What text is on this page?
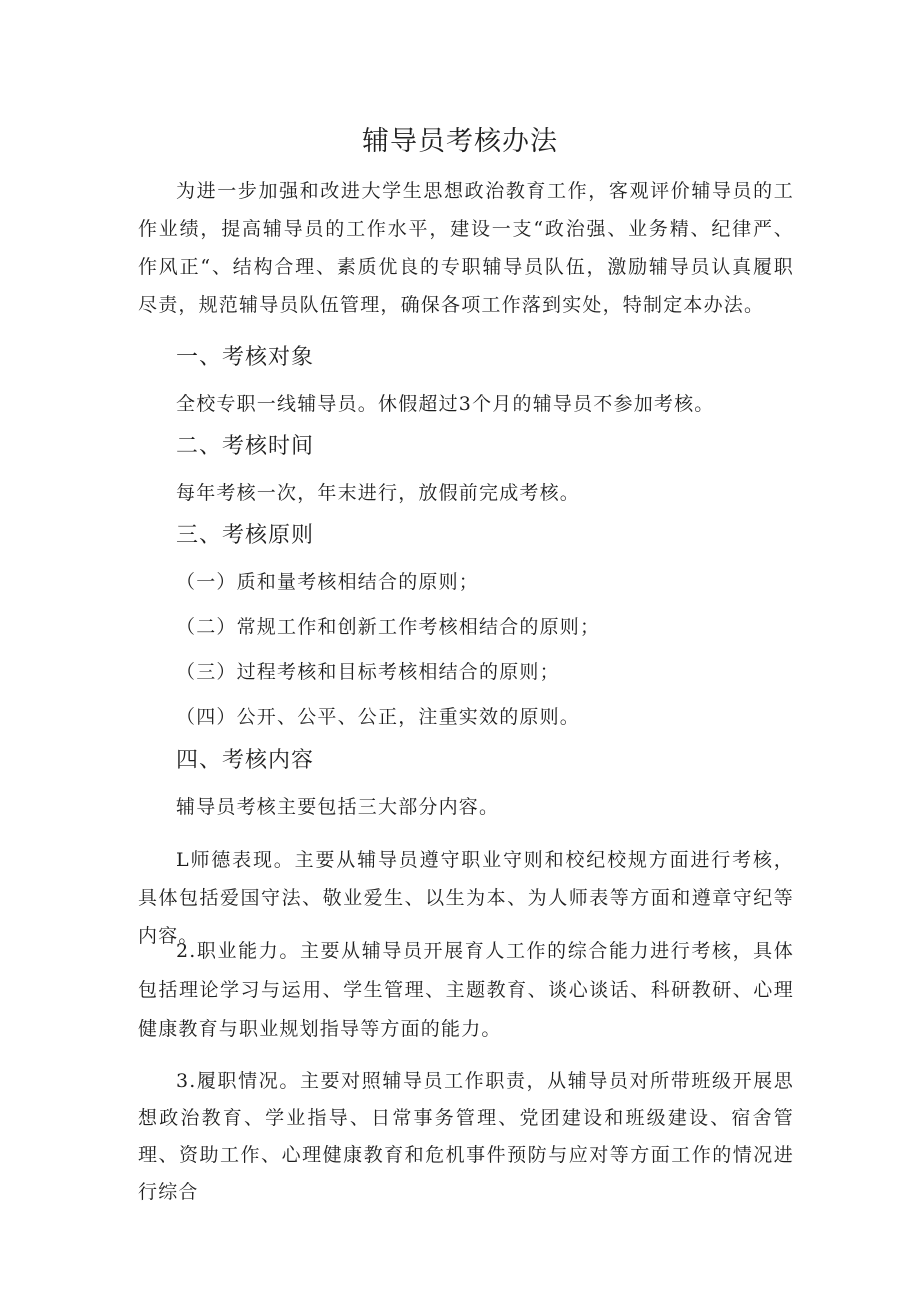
辅导员考核办法

为进一步加强和改进大学生思想政治教育工作，客观评价辅导员的工作业绩，提高辅导员的工作水平，建设一支“政治强、业务精、纪律严、作风正“、结构合理、素质优良的专职辅导员队伍，激励辅导员认真履职尽责，规范辅导员队伍管理，确保各项工作落到实处，特制定本办法。

一、考核对象

全校专职一线辅导员。休假超过3个月的辅导员不参加考核。

二、考核时间

每年考核一次，年末进行，放假前完成考核。

三、考核原则

（一）质和量考核相结合的原则；

（二）常规工作和创新工作考核相结合的原则；

（三）过程考核和目标考核相结合的原则；

（四）公开、公平、公正，注重实效的原则。

四、考核内容

辅导员考核主要包括三大部分内容。

L师德表现。主要从辅导员遵守职业守则和校纪校规方面进行考核，具体包括爱国守法、敬业爱生、以生为本、为人师表等方面和遵章守纪等内容。

2.职业能力。主要从辅导员开展育人工作的综合能力进行考核，具体包括理论学习与运用、学生管理、主题教育、谈心谈话、科研教研、心理健康教育与职业规划指导等方面的能力。

3.履职情况。主要对照辅导员工作职责，从辅导员对所带班级开展思想政治教育、学业指导、日常事务管理、党团建设和班级建设、宿舍管理、资助工作、心理健康教育和危机事件预防与应对等方面工作的情况进行综合
